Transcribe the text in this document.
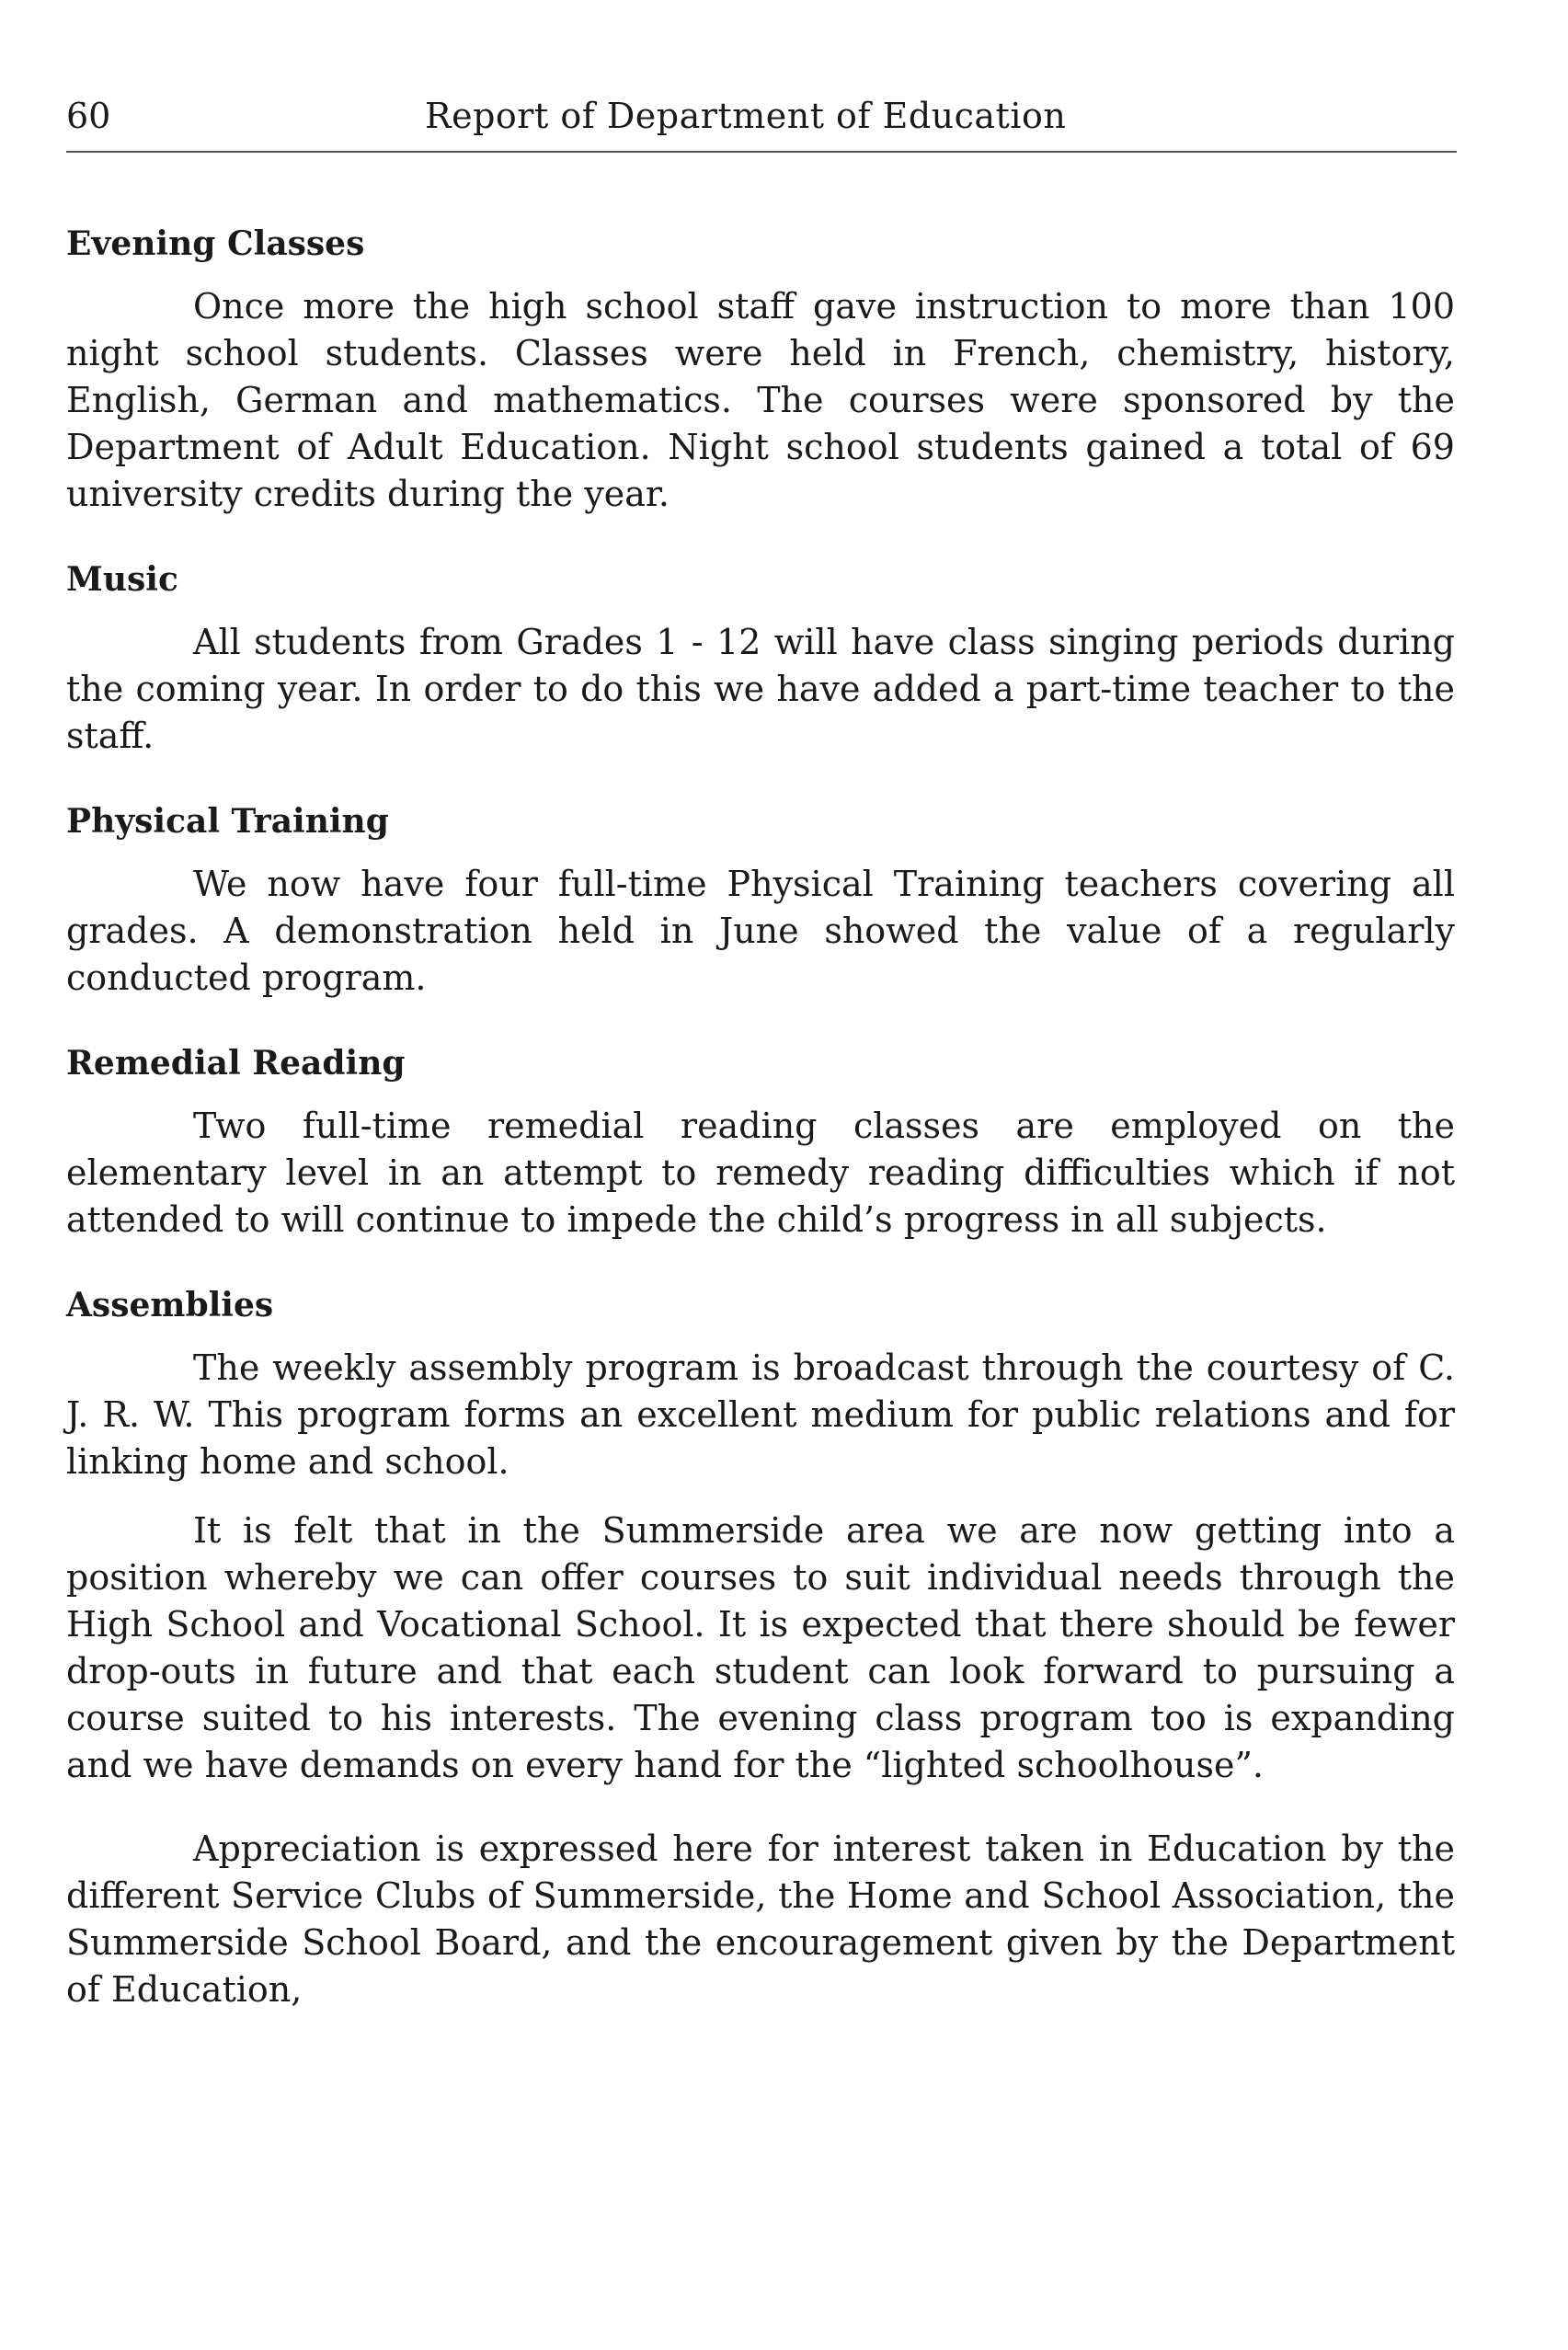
60	Report of Department of Education
Evening Classes

Once more the high school staff gave instruction to more than 100 night school students. Classes were held in French, chemistry, history, English, German and mathematics. The courses were sponsored by the Department of Adult Education. Night school students gained a total of 69 university credits during the year.

Music

All students from Grades 1 - 12 will have class singing periods during the coming year. In order to do this we have added a part-time teacher to the staff.

Physical Training

We now have four full-time Physical Training teachers covering all grades. A demonstration held in June showed the value of a regularly conducted program.

Remedial Reading

Two full-time remedial reading classes are employed on the elementary level in an attempt to remedy reading difficulties which if not attended to will continue to impede the child’s progress in all subjects.

Assemblies

The weekly assembly program is broadcast through the courtesy of C. J. R. W. This program forms an excellent medium for public relations and for linking home and school.

It is felt that in the Summerside area we are now getting into a position whereby we can offer courses to suit individual needs through the High School and Vocational School. It is expected that there should be fewer drop-outs in future and that each student can look forward to pursuing a course suited to his interests. The evening class program too is expanding and we have demands on every hand for the “lighted schoolhouse”.

Appreciation is expressed here for interest taken in Education by the different Service Clubs of Summerside, the Home and School Association, the Summerside School Board, and the encouragement given by the Department of Education,
